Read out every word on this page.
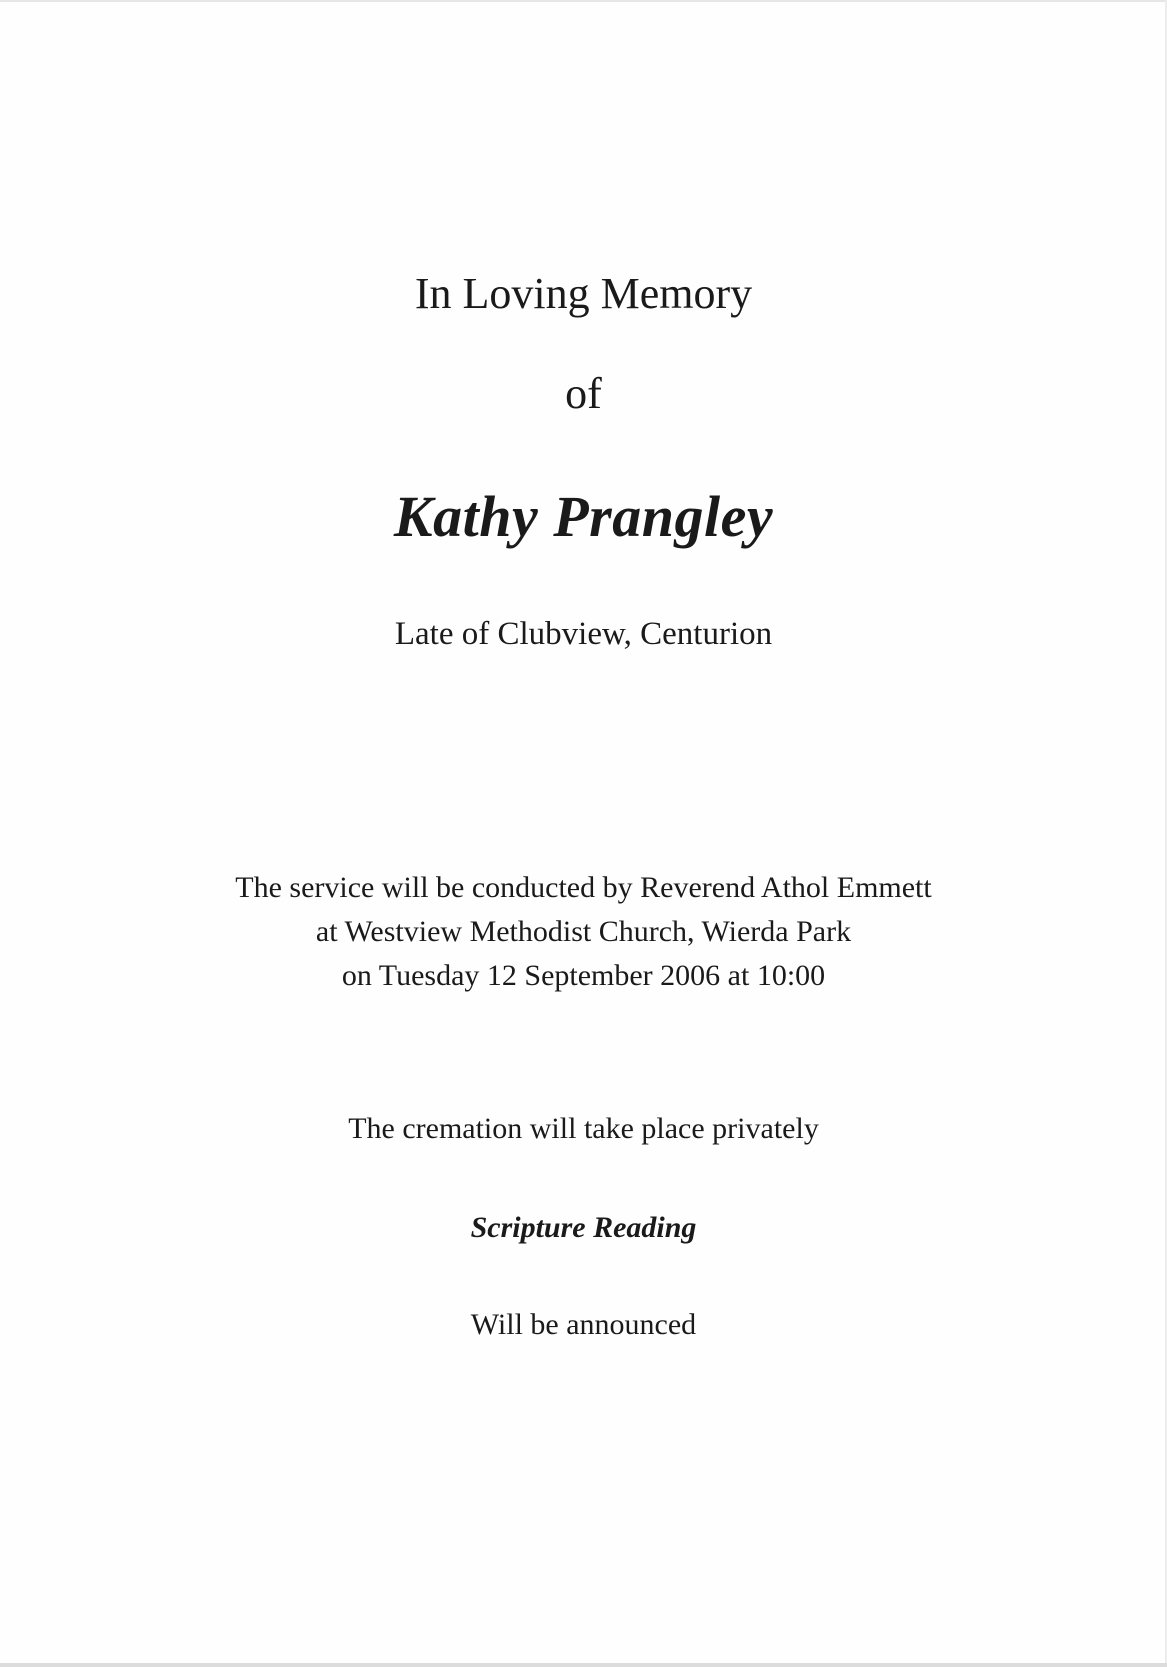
In Loving Memory
of
Kathy Prangley
Late of Clubview, Centurion
The service will be conducted by Reverend Athol Emmett
at Westview Methodist Church, Wierda Park
on Tuesday 12 September 2006 at 10:00
The cremation will take place privately
Scripture Reading
Will be announced
